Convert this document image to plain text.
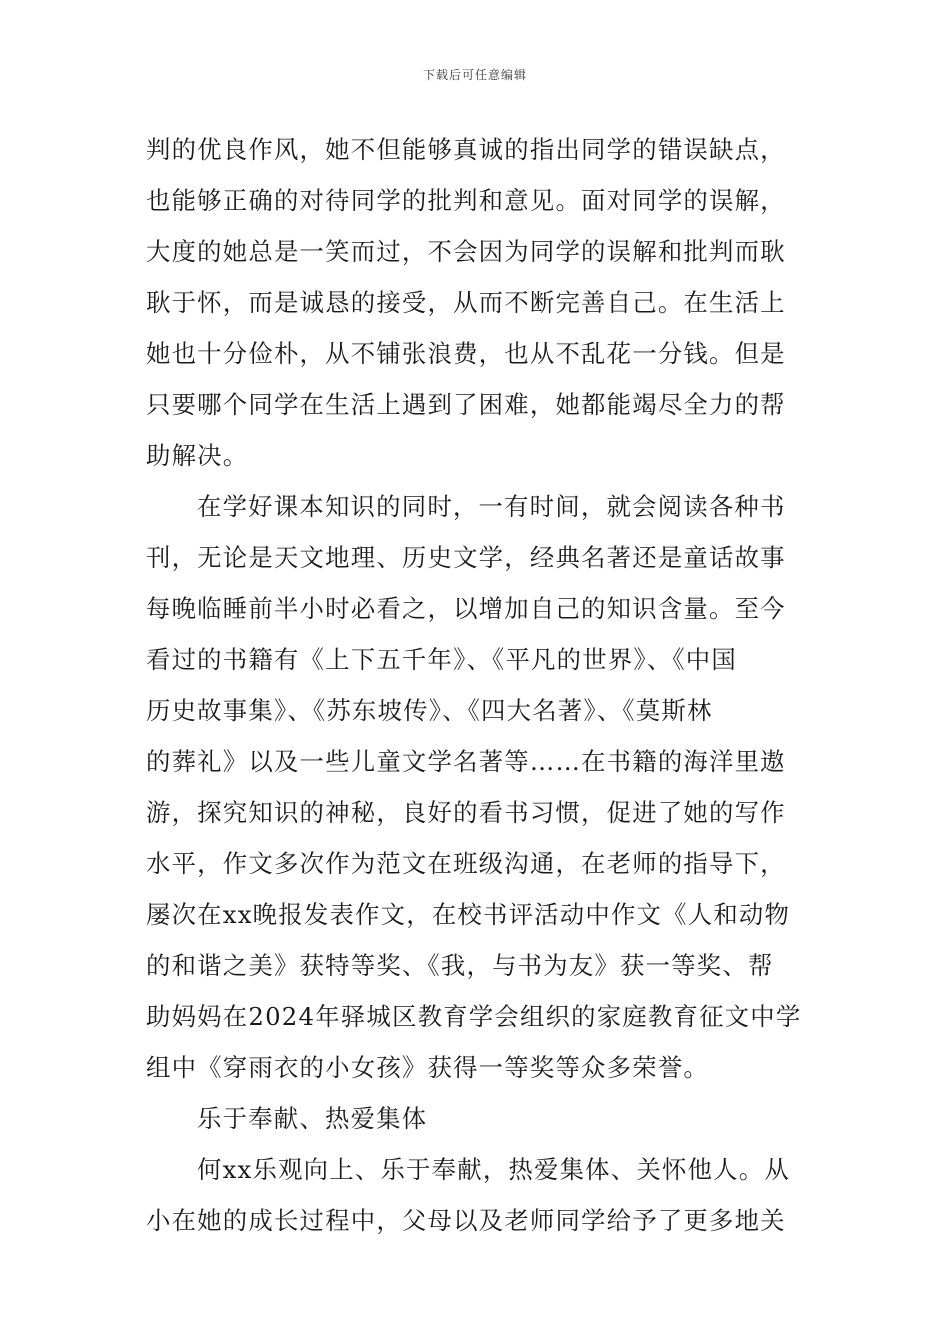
下载后可任意编辑
判的优良作风，她不但能够真诚的指出同学的错误缺点，
也能够正确的对待同学的批判和意见。面对同学的误解，
大度的她总是一笑而过，不会因为同学的误解和批判而耿
耿于怀，而是诚恳的接受，从而不断完善自己。在生活上
她也十分俭朴，从不铺张浪费，也从不乱花一分钱。但是
只要哪个同学在生活上遇到了困难，她都能竭尽全力的帮
助解决。
在学好课本知识的同时，一有时间，就会阅读各种书
刊，无论是天文地理、历史文学，经典名著还是童话故事
每晚临睡前半小时必看之，以增加自己的知识含量。至今
看过的书籍有《上下五千年》、《平凡的世界》、《中国
历史故事集》、《苏东坡传》、《四大名著》、《莫斯林
的葬礼》以及一些儿童文学名著等……在书籍的海洋里遨
游，探究知识的神秘，良好的看书习惯，促进了她的写作
水平，作文多次作为范文在班级沟通，在老师的指导下，
屡次在xx晚报发表作文，在校书评活动中作文《人和动物
的和谐之美》获特等奖、《我，与书为友》获一等奖、帮
助妈妈在2024年驿城区教育学会组织的家庭教育征文中学
组中《穿雨衣的小女孩》获得一等奖等众多荣誉。
乐于奉献、热爱集体
何xx乐观向上、乐于奉献，热爱集体、关怀他人。从
小在她的成长过程中，父母以及老师同学给予了更多地关
